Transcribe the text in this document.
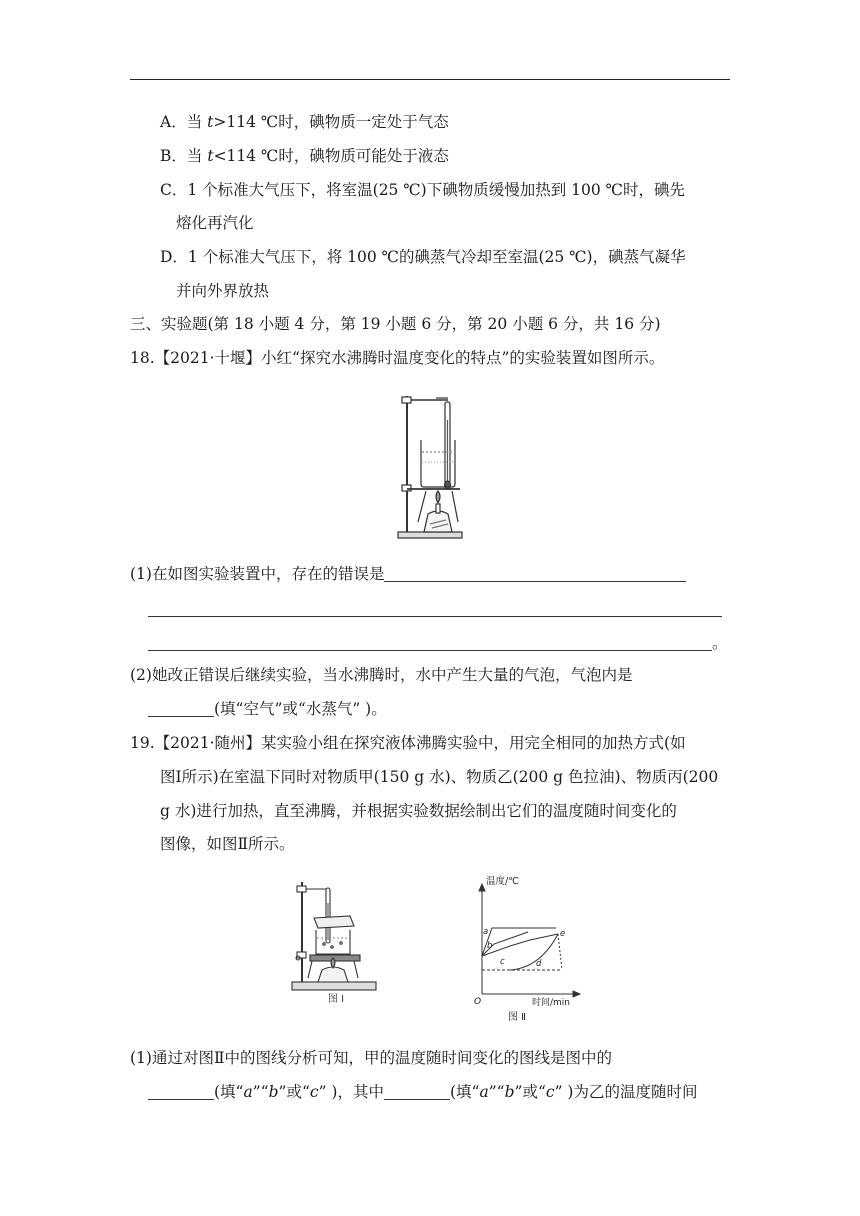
A．当 t>114 ℃时，碘物质一定处于气态
B．当 t<114 ℃时，碘物质可能处于液态
C．1 个标准大气压下，将室温(25 ℃)下碘物质缓慢加热到 100 ℃时，碘先
熔化再汽化
D．1 个标准大气压下，将 100 ℃的碘蒸气冷却至室温(25 ℃)，碘蒸气凝华
并向外界放热
三、实验题(第 18 小题 4 分，第 19 小题 6 分，第 20 小题 6 分，共 16 分)
18.【2021·十堰】小红“探究水沸腾时温度变化的特点”的实验装置如图所示。
(1)在如图实验装置中，存在的错误是
。
(2)她改正错误后继续实验，当水沸腾时，水中产生大量的气泡，气泡内是
(填“空气”或“水蒸气” )。
19.【2021·随州】某实验小组在探究液体沸腾实验中，用完全相同的加热方式(如
图Ⅰ所示)在室温下同时对物质甲(150 g 水)、物质乙(200 g 色拉油)、物质丙(200
g 水)进行加热，直至沸腾，并根据实验数据绘制出它们的温度随时间变化的
图像，如图Ⅱ所示。
图 Ⅰ
温度/℃
O	时间/min
a
b
c	d
e
图 Ⅱ
(1)通过对图Ⅱ中的图线分析可知，甲的温度随时间变化的图线是图中的
(填“a”“b”或“c” )，其中	(填“a”“b”或“c” )为乙的温度随时间
